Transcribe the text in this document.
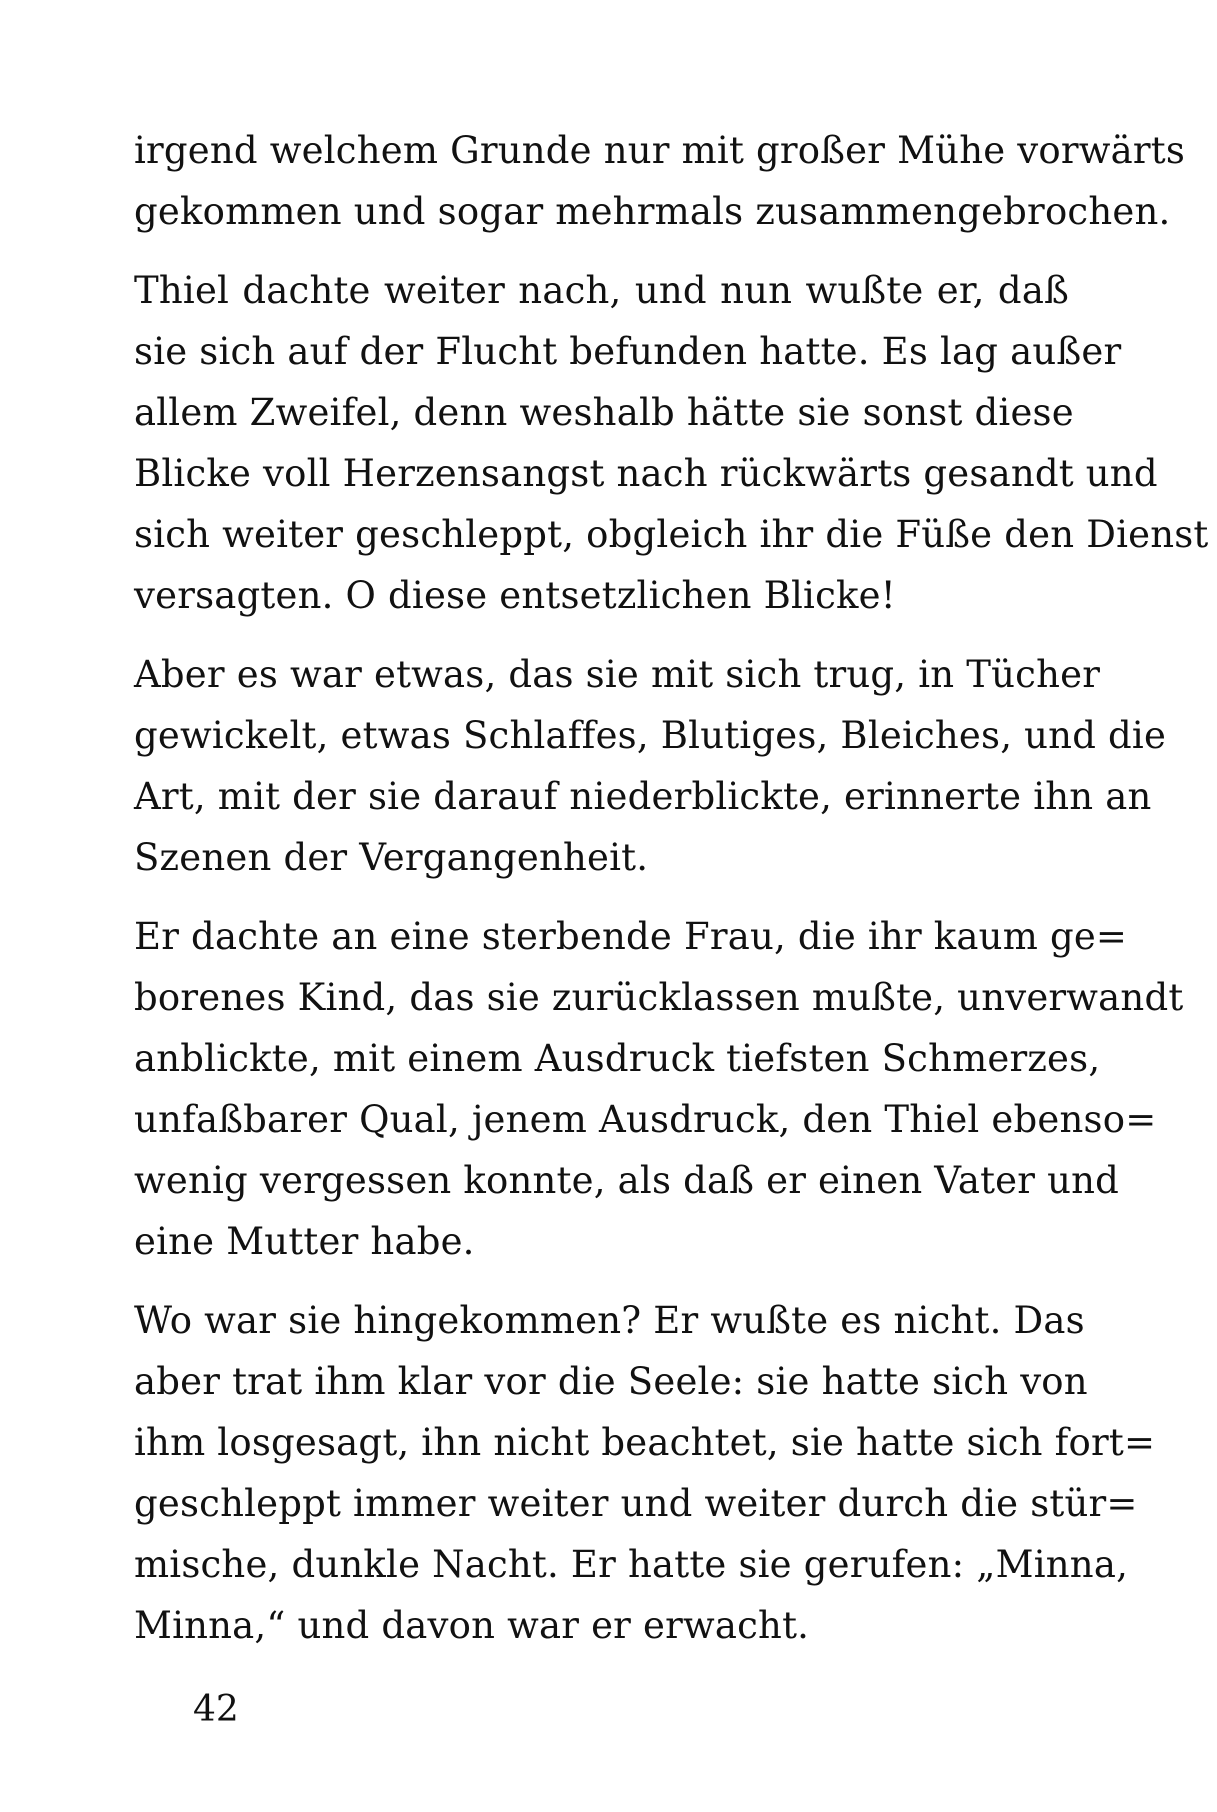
irgend welchem Grunde nur mit großer Mühe vorwärts
gekommen und sogar mehrmals zusammengebrochen.
Thiel dachte weiter nach, und nun wußte er, daß
sie sich auf der Flucht befunden hatte. Es lag außer
allem Zweifel, denn weshalb hätte sie sonst diese
Blicke voll Herzensangst nach rückwärts gesandt und
sich weiter geschleppt, obgleich ihr die Füße den Dienst
versagten. O diese entsetzlichen Blicke!
Aber es war etwas, das sie mit sich trug, in Tücher
gewickelt, etwas Schlaffes, Blutiges, Bleiches, und die
Art, mit der sie darauf niederblickte, erinnerte ihn an
Szenen der Vergangenheit.
Er dachte an eine sterbende Frau, die ihr kaum ge=
borenes Kind, das sie zurücklassen mußte, unverwandt
anblickte, mit einem Ausdruck tiefsten Schmerzes,
unfaßbarer Qual, jenem Ausdruck, den Thiel ebenso=
wenig vergessen konnte, als daß er einen Vater und
eine Mutter habe.
Wo war sie hingekommen? Er wußte es nicht. Das
aber trat ihm klar vor die Seele: sie hatte sich von
ihm losgesagt, ihn nicht beachtet, sie hatte sich fort=
geschleppt immer weiter und weiter durch die stür=
mische, dunkle Nacht. Er hatte sie gerufen: „Minna,
Minna,“ und davon war er erwacht.
42
